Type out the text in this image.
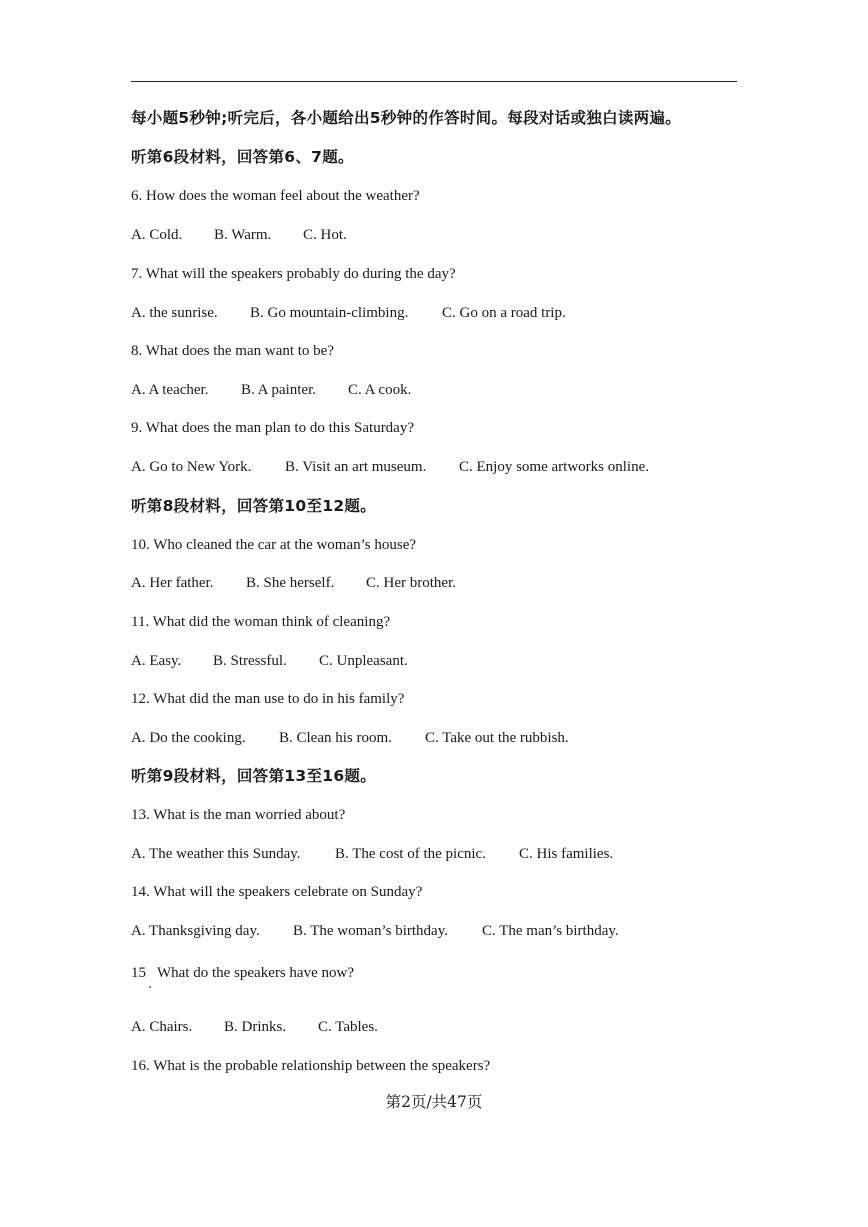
每小题5秒钟;听完后，各小题给出5秒钟的作答时间。每段对话或独白读两遍。
听第6段材料，回答第6、7题。
6. How does the woman feel about the weather?
A. Cold. B. Warm. C. Hot.
7. What will the speakers probably do during the day?
A. the sunrise. B. Go mountain-climbing. C. Go on a road trip.
8. What does the man want to be?
A. A teacher. B. A painter. C. A cook.
9. What does the man plan to do this Saturday?
A. Go to New York. B. Visit an art museum. C. Enjoy some artworks online.
听第8段材料，回答第10至12题。
10. Who cleaned the car at the woman’s house?
A. Her father. B. She herself. C. Her brother.
11. What did the woman think of cleaning?
A. Easy. B. Stressful. C. Unpleasant.
12. What did the man use to do in his family?
A. Do the cooking. B. Clean his room. C. Take out the rubbish.
听第9段材料，回答第13至16题。
13. What is the man worried about?
A. The weather this Sunday. B. The cost of the picnic. C. His families.
14. What will the speakers celebrate on Sunday?
A. Thanksgiving day. B. The woman’s birthday. C. The man’s birthday.
15   What do the speakers have now?
A. Chairs. B. Drinks. C. Tables.
16. What is the probable relationship between the speakers?
第2页/共47页
